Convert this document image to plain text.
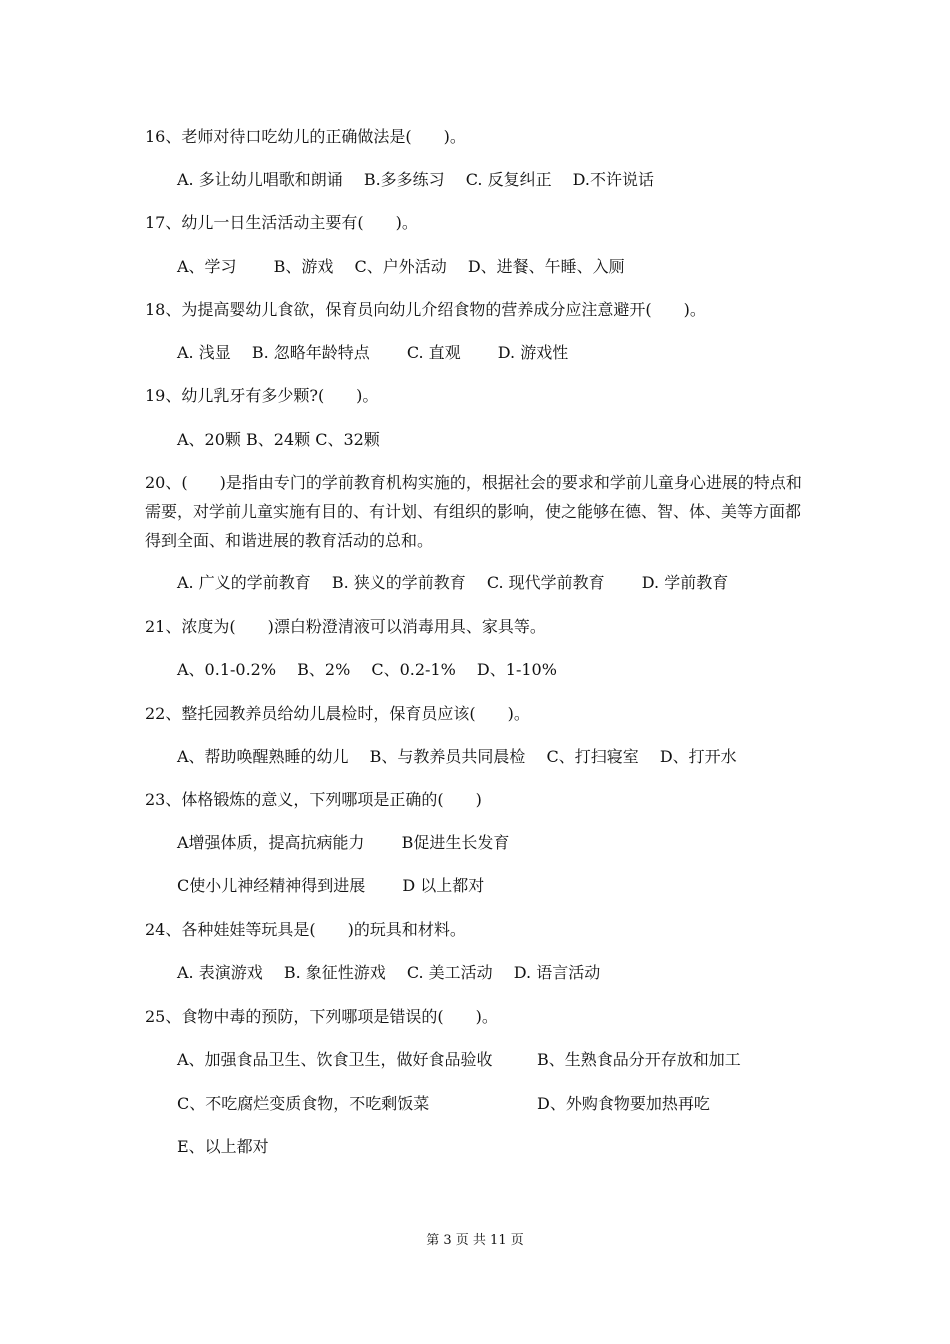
16、老师对待口吃幼儿的正确做法是(　　)。
A. 多让幼儿唱歌和朗诵　 B.多多练习　 C. 反复纠正　 D.不许说话
17、幼儿一日生活活动主要有(　　)。
A、学习　　 B、游戏　 C、户外活动　 D、进餐、午睡、入厕
18、为提高婴幼儿食欲，保育员向幼儿介绍食物的营养成分应注意避开(　　)。
A. 浅显　 B. 忽略年龄特点　　 C. 直观　　 D. 游戏性
19、幼儿乳牙有多少颗?(　　)。
A、20颗 B、24颗 C、32颗
20、(　　)是指由专门的学前教育机构实施的，根据社会的要求和学前儿童身心进展的特点和需要，对学前儿童实施有目的、有计划、有组织的影响，使之能够在德、智、体、美等方面都得到全面、和谐进展的教育活动的总和。
A. 广义的学前教育　 B. 狭义的学前教育　 C. 现代学前教育　　 D. 学前教育
21、浓度为(　　)漂白粉澄清液可以消毒用具、家具等。
A、0.1-0.2%　 B、2%　 C、0.2-1%　 D、1-10%
22、整托园教养员给幼儿晨检时，保育员应该(　　)。
A、帮助唤醒熟睡的幼儿　 B、与教养员共同晨检　 C、打扫寝室　 D、打开水
23、体格锻炼的意义，下列哪项是正确的(　　)
A增强体质，提高抗病能力　　 B促进生长发育
C使小儿神经精神得到进展　　 D 以上都对
24、各种娃娃等玩具是(　　)的玩具和材料。
A. 表演游戏　 B. 象征性游戏　 C. 美工活动　 D. 语言活动
25、食物中毒的预防，下列哪项是错误的(　　)。
A、加强食品卫生、饮食卫生，做好食品验收	B、生熟食品分开存放和加工
C、不吃腐烂变质食物，不吃剩饭菜	D、外购食物要加热再吃
E、以上都对
第 3 页 共 11 页
